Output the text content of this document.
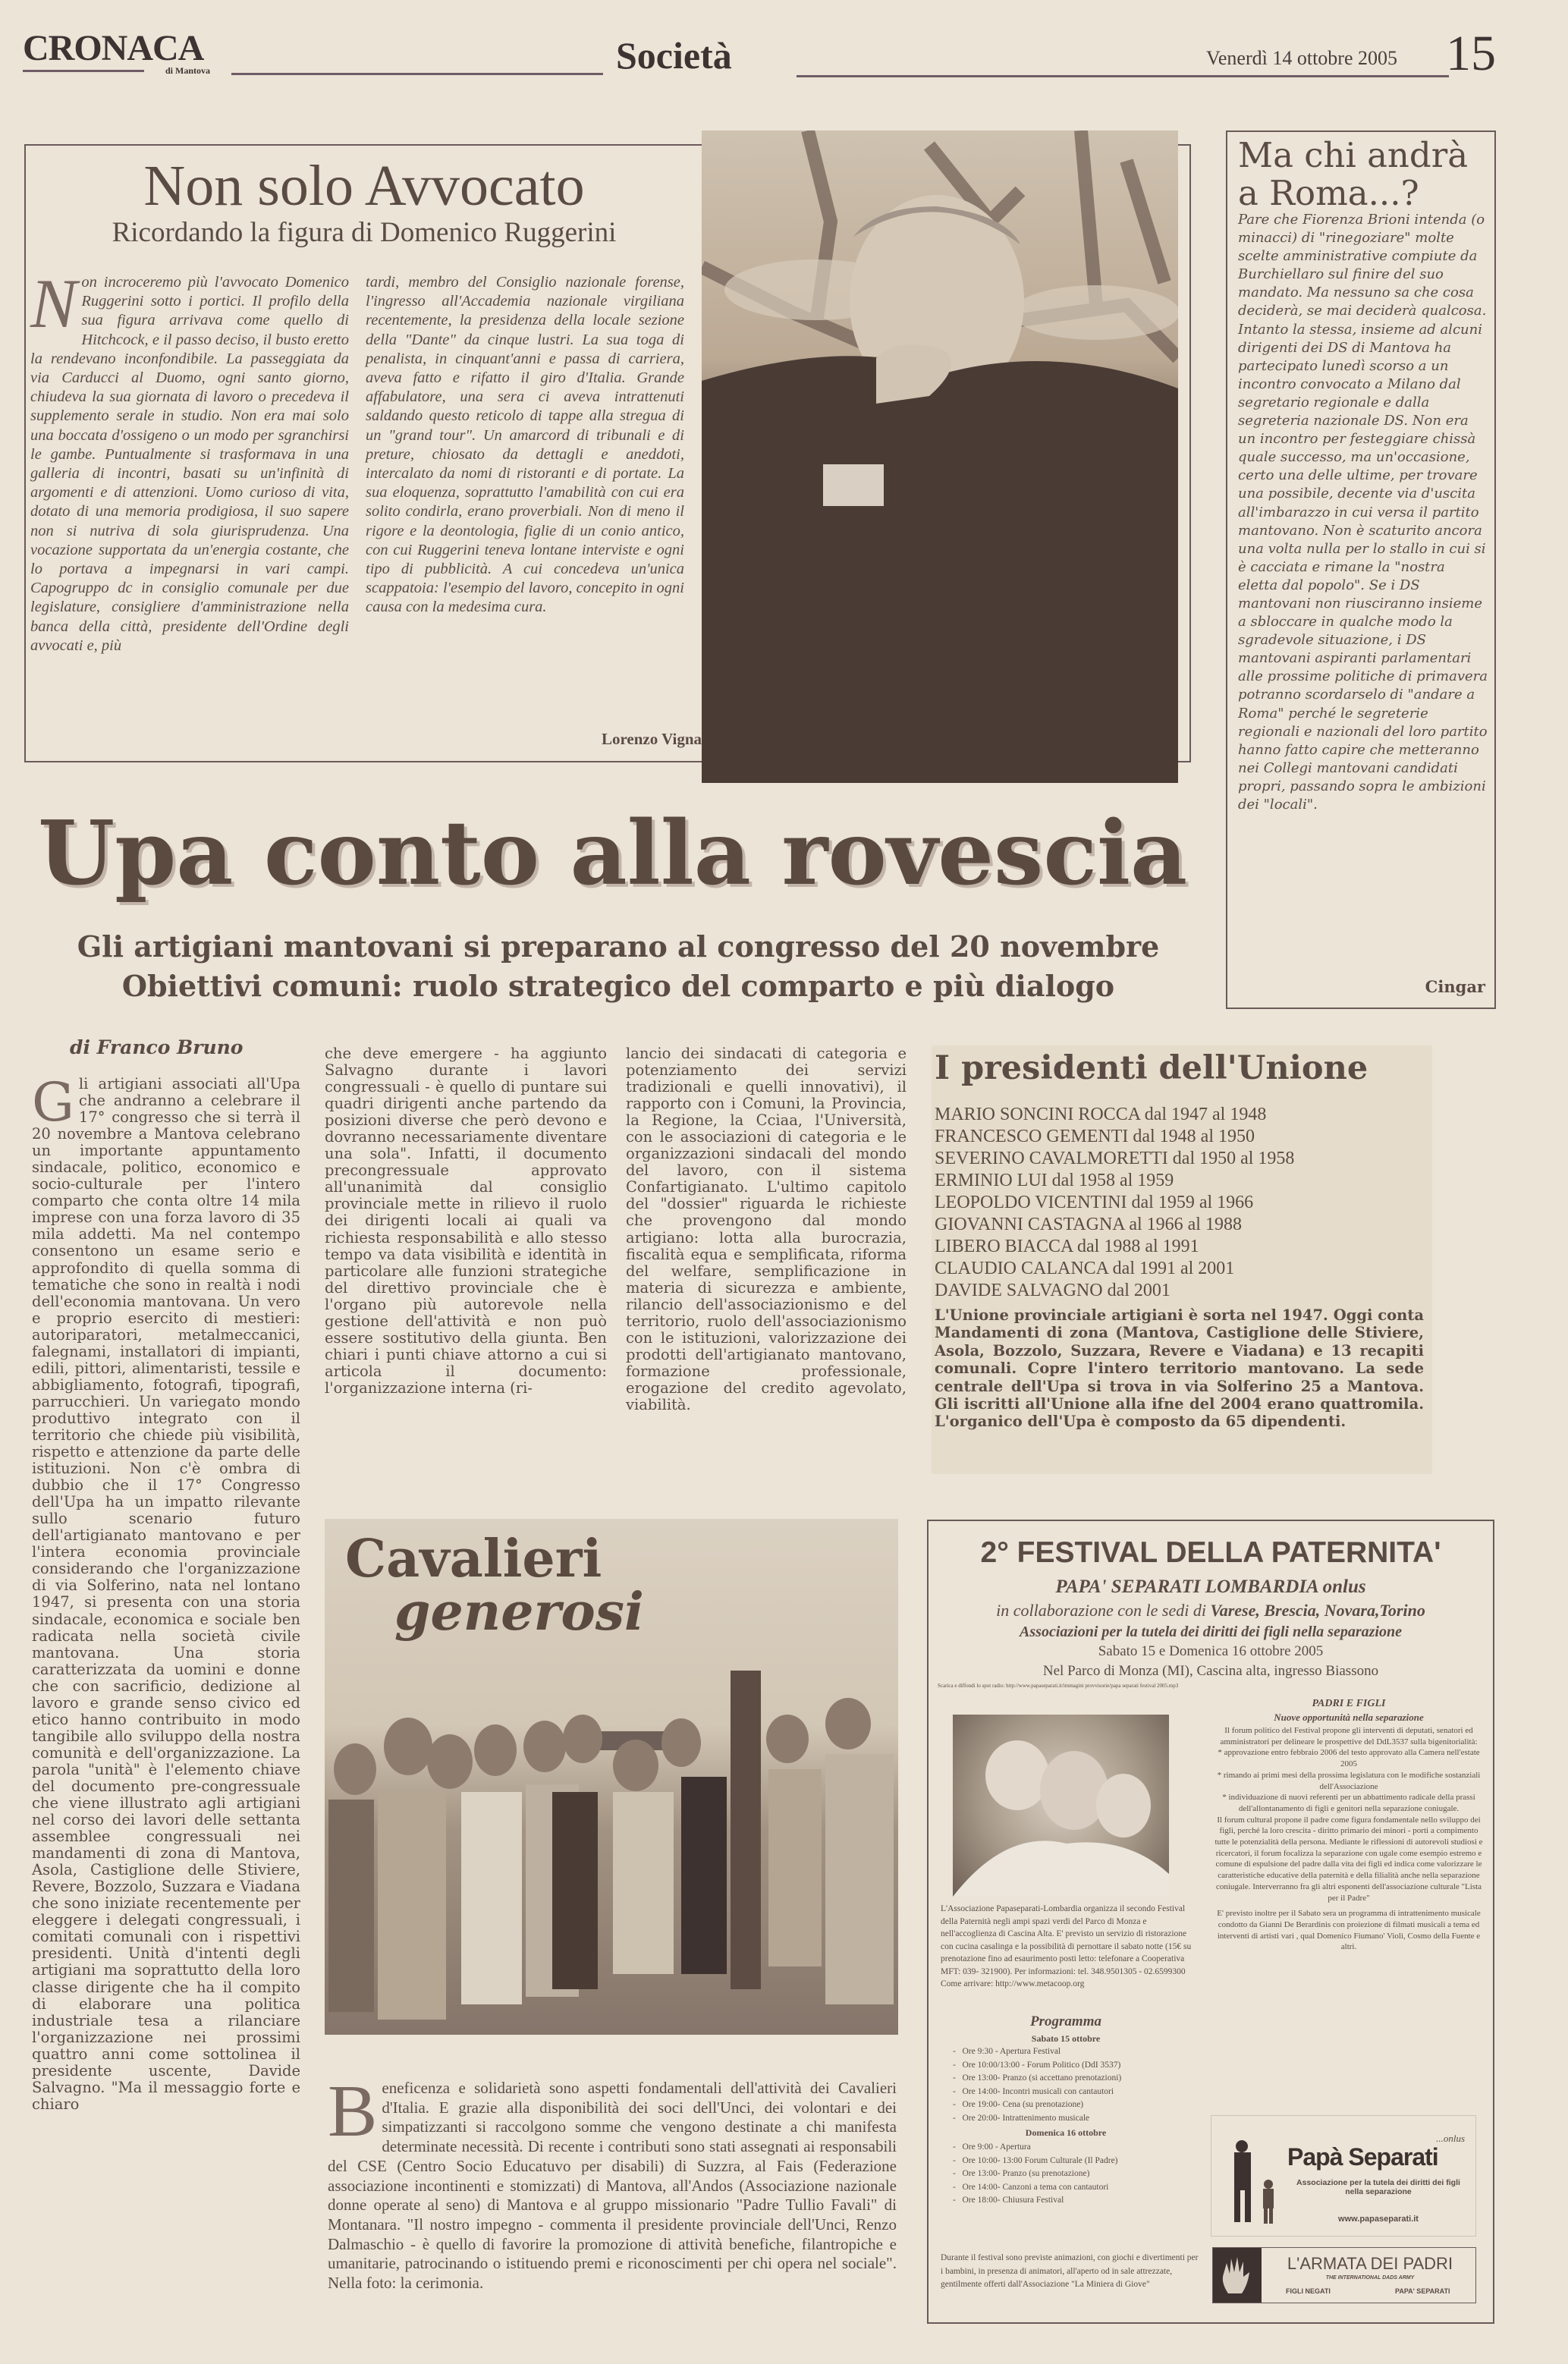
CRONACA
di Mantova	Società	Venerdì 14 ottobre 2005 15
Non solo Avvocato
Ricordando la figura di Domenico Ruggerini
Non incroceremo più l'avvocato Domenico Ruggerini sotto i portici. Il profilo della sua figura arrivava come quello di Hitchcock, e il passo deciso, il busto eretto la rendevano inconfondibile. La passeggiata da via Carducci al Duomo, ogni santo giorno, chiudeva la sua giornata di lavoro o precedeva il supplemento serale in studio. Non era mai solo una boccata d'ossigeno o un modo per sgranchirsi le gambe. Puntualmente si trasformava in una galleria di incontri, basati su un'infinità di argomenti e di attenzioni. Uomo curioso di vita, dotato di una memoria prodigiosa, il suo sapere non si nutriva di sola giurisprudenza. Una vocazione supportata da un'energia costante, che lo portava a impegnarsi in vari campi. Capogruppo dc in consiglio comunale per due legislature, consigliere d'amministrazione nella banca della città, presidente dell'Ordine degli avvocati e, più
tardi, membro del Consiglio nazionale forense, l'ingresso all'Accademia nazionale virgiliana recentemente, la presidenza della locale sezione della "Dante" da cinque lustri. La sua toga di penalista, in cinquant'anni e passa di carriera, aveva fatto e rifatto il giro d'Italia. Grande affabulatore, una sera ci aveva intrattenuti saldando questo reticolo di tappe alla stregua di un "grand tour". Un amarcord di tribunali e di preture, chiosato da dettagli e aneddoti, intercalato da nomi di ristoranti e di portate. La sua eloquenza, soprattutto l'amabilità con cui era solito condirla, erano proverbiali. Non di meno il rigore e la deontologia, figlie di un conio antico, con cui Ruggerini teneva lontane interviste e ogni tipo di pubblicità. A cui concedeva un'unica scappatoia: l'esempio del lavoro, concepito in ogni causa con la medesima cura.
Lorenzo Vigna
Ma chi andrà a Roma...?
Pare che Fiorenza Brioni intenda (o minacci) di "rinegoziare" molte scelte amministrative compiute da Burchiellaro sul finire del suo mandato. Ma nessuno sa che cosa deciderà, se mai deciderà qualcosa. Intanto la stessa, insieme ad alcuni dirigenti dei DS di Mantova ha partecipato lunedì scorso a un incontro convocato a Milano dal segretario regionale e dalla segreteria nazionale DS. Non era un incontro per festeggiare chissà quale successo, ma un'occasione, certo una delle ultime, per trovare una possibile, decente via d'uscita all'imbarazzo in cui versa il partito mantovano. Non è scaturito ancora una volta nulla per lo stallo in cui si è cacciata e rimane la "nostra eletta dal popolo". Se i DS mantovani non riusciranno insieme a sbloccare in qualche modo la sgradevole situazione, i DS mantovani aspiranti parlamentari alle prossime politiche di primavera potranno scordarselo di "andare a Roma" perché le segreterie regionali e nazionali del loro partito hanno fatto capire che metteranno nei Collegi mantovani candidati propri, passando sopra le ambizioni dei "locali".
Cingar
Upa conto alla rovescia
Gli artigiani mantovani si preparano al congresso del 20 novembre
Obiettivi comuni: ruolo strategico del comparto e più dialogo
di Franco Bruno
Gli artigiani associati all'Upa che andranno a celebrare il 17° congresso che si terrà il 20 novembre a Mantova celebrano un importante appuntamento sindacale, politico, economico e socio-culturale per l'intero comparto che conta oltre 14 mila imprese con una forza lavoro di 35 mila addetti. Ma nel contempo consentono un esame serio e approfondito di quella somma di tematiche che sono in realtà i nodi dell'economia mantovana. Un vero e proprio esercito di mestieri: autoriparatori, metalmeccanici, falegnami, installatori di impianti, edili, pittori, alimentaristi, tessile e abbigliamento, fotografi, tipografi, parrucchieri. Un variegato mondo produttivo integrato con il territorio che chiede più visibilità, rispetto e attenzione da parte delle istituzioni. Non c'è ombra di dubbio che il 17° Congresso dell'Upa ha un impatto rilevante sullo scenario futuro dell'artigianato mantovano e per l'intera economia provinciale considerando che l'organizzazione di via Solferino, nata nel lontano 1947, si presenta con una storia sindacale, economica e sociale ben radicata nella società civile mantovana. Una storia caratterizzata da uomini e donne che con sacrificio, dedizione al lavoro e grande senso civico ed etico hanno contribuito in modo tangibile allo sviluppo della nostra comunità e dell'organizzazione. La parola "unità" è l'elemento chiave del documento pre-congressuale che viene illustrato agli artigiani nel corso dei lavori delle settanta assemblee congressuali nei mandamenti di zona di Mantova, Asola, Castiglione delle Stiviere, Revere, Bozzolo, Suzzara e Viadana che sono iniziate recentemente per eleggere i delegati congressuali, i comitati comunali con i rispettivi presidenti. Unità d'intenti degli artigiani ma soprattutto della loro classe dirigente che ha il compito di elaborare una politica industriale tesa a rilanciare l'organizzazione nei prossimi quattro anni come sottolinea il presidente uscente, Davide Salvagno. "Ma il messaggio forte e chiaro
che deve emergere - ha aggiunto Salvagno durante i lavori congressuali - è quello di puntare sui quadri dirigenti anche partendo da posizioni diverse che però devono e dovranno necessariamente diventare una sola". Infatti, il documento precongressuale approvato all'unanimità dal consiglio provinciale mette in rilievo il ruolo dei dirigenti locali ai quali va richiesta responsabilità e allo stesso tempo va data visibilità e identità in particolare alle funzioni strategiche del direttivo provinciale che è l'organo più autorevole nella gestione dell'attività e non può essere sostitutivo della giunta. Ben chiari i punti chiave attorno a cui si articola il documento: l'organizzazione interna (ri-
lancio dei sindacati di categoria e potenziamento dei servizi tradizionali e quelli innovativi), il rapporto con i Comuni, la Provincia, la Regione, la Cciaa, l'Università, con le associazioni di categoria e le organizzazioni sindacali del mondo del lavoro, con il sistema Confartigianato. L'ultimo capitolo del "dossier" riguarda le richieste che provengono dal mondo artigiano: lotta alla burocrazia, fiscalità equa e semplificata, riforma del welfare, semplificazione in materia di sicurezza e ambiente, rilancio dell'associazionismo e del territorio, ruolo dell'associazionismo con le istituzioni, valorizzazione dei prodotti dell'artigianato mantovano, formazione professionale, erogazione del credito agevolato, viabilità.
I presidenti dell'Unione
MARIO SONCINI ROCCA dal 1947 al 1948
FRANCESCO GEMENTI dal 1948 al 1950
SEVERINO CAVALMORETTI dal 1950 al 1958
ERMINIO LUI dal 1958 al 1959
LEOPOLDO VICENTINI dal 1959 al 1966
GIOVANNI CASTAGNA al 1966 al 1988
LIBERO BIACCA dal 1988 al 1991
CLAUDIO CALANCA dal 1991 al 2001
DAVIDE SALVAGNO dal 2001
L'Unione provinciale artigiani è sorta nel 1947. Oggi conta Mandamenti di zona (Mantova, Castiglione delle Stiviere, Asola, Bozzolo, Suzzara, Revere e Viadana) e 13 recapiti comunali. Copre l'intero territorio mantovano. La sede centrale dell'Upa si trova in via Solferino 25 a Mantova. Gli iscritti all'Unione alla ifne del 2004 erano quattromila. L'organico dell'Upa è composto da 65 dipendenti.
Cavalieri
generosi
Beneficenza e solidarietà sono aspetti fondamentali dell'attività dei Cavalieri d'Italia. E grazie alla disponibilità dei soci dell'Unci, dei volontari e dei simpatizzanti si raccolgono somme che vengono destinate a chi manifesta determinate necessità. Di recente i contributi sono stati assegnati ai responsabili del CSE (Centro Socio Educatuvo per disabili) di Suzzra, al Fais (Federazione associazione incontinenti e stomizzati) di Mantova, all'Andos (Associazione nazionale donne operate al seno) di Mantova e al gruppo missionario "Padre Tullio Favali" di Montanara. "Il nostro impegno - commenta il presidente provinciale dell'Unci, Renzo Dalmaschio - è quello di favorire la promozione di attività benefiche, filantropiche e umanitarie, patrocinando o istituendo premi e riconoscimenti per chi opera nel sociale". Nella foto: la cerimonia.
2° FESTIVAL DELLA PATERNITA'
PAPA' SEPARATI LOMBARDIA onlus
in collaborazione con le sedi di Varese, Brescia, Novara,Torino
Associazioni per la tutela dei diritti dei figli nella separazione
Sabato 15 e Domenica 16 ottobre 2005
Nel Parco di Monza (MI), Cascina alta, ingresso Biassono
Scarica e diffondi lo spot radio: http://www.papaseparati.it/immagini provvisorie/papa separati festival 2005.mp3
L'Associazione Papaseparati-Lombardia organizza il secondo Festival della Paternità negli ampi spazi verdi del Parco di Monza e nell'accoglienza di Cascina Alta. E' previsto un servizio di ristorazione con cucina casalinga e la possibilità di pernottare il sabato notte (15€ su prenotazione fino ad esaurimento posti letto: telefonare a Cooperativa MFT: 039- 321900). Per informazioni: tel. 348.9501305 - 02.6599300 Come arrivare: http://www.metacoop.org
Programma
Sabato 15 ottobre
-   Ore 9:30 - Apertura Festival
-   Ore 10:00/13:00 - Forum Politico (DdI 3537)
-   Ore 13:00- Pranzo (si accettano prenotazioni)
-   Ore 14:00- Incontri musicali con cantautori
-   Ore 19:00- Cena (su prenotazione)
-   Ore 20:00- Intrattenimento musicale
Domenica 16 ottobre
-   Ore 9:00 - Apertura
-   Ore 10:00- 13:00 Forum Culturale (Il Padre)
-   Ore 13:00- Pranzo (su prenotazione)
-   Ore 14:00- Canzoni a tema con cantautori
-   Ore 18:00- Chiusura Festival
Durante il festival sono previste animazioni, con giochi e divertimenti per i bambini, in presenza di animatori, all'aperto od in sale attrezzate, gentilmente offerti dall'Associazione "La Miniera di Giove"
PADRI E FIGLI
Nuove opportunità nella separazione
Il forum politico del Festival propone gli interventi di deputati, senatori ed amministratori per delineare le prospettive del DdL3537 sulla bigenitorialità:
* approvazione entro febbraio 2006 del testo approvato alla Camera nell'estate 2005
* rimando ai primi mesi della prossima legislatura con le modifiche sostanziali dell'Associazione
* individuazione di nuovi referenti per un abbattimento radicale della prassi dell'allontanamento di figli e genitori nella separazione coniugale.
Il forum cultural propone il padre come figura fondamentale nello sviluppo dei figli, perché la loro crescita - diritto primario dei minori - porti a compimento tutte le potenzialità della persona. Mediante le riflessioni di autorevoli studiosi e ricercatori, il forum focalizza la separazione con ugale come esempio estremo e comune di espulsione del padre dalla vita dei figli ed indica come valorizzare le caratteristiche educative della paternità e della filialità anche nella separazione coniugale. Interverranno fra gli altri esponenti dell'associazione culturale "Lista per il Padre"
E' previsto inoltre per il Sabato sera un programma di intrattenimento musicale condotto da Gianni De Berardinis con proiezione di filmati musicali a tema ed interventi di artisti vari , qual Domenico Fiumano' Violi, Cosmo della Fuente e altri.
...onlus
Papà Separati
Associazione per la tutela dei diritti dei figli nella separazione
www.papaseparati.it
L'ARMATA DEI PADRI
THE INTERNATIONAL DADS ARMY
FIGLI NEGATI	PAPA' SEPARATI
